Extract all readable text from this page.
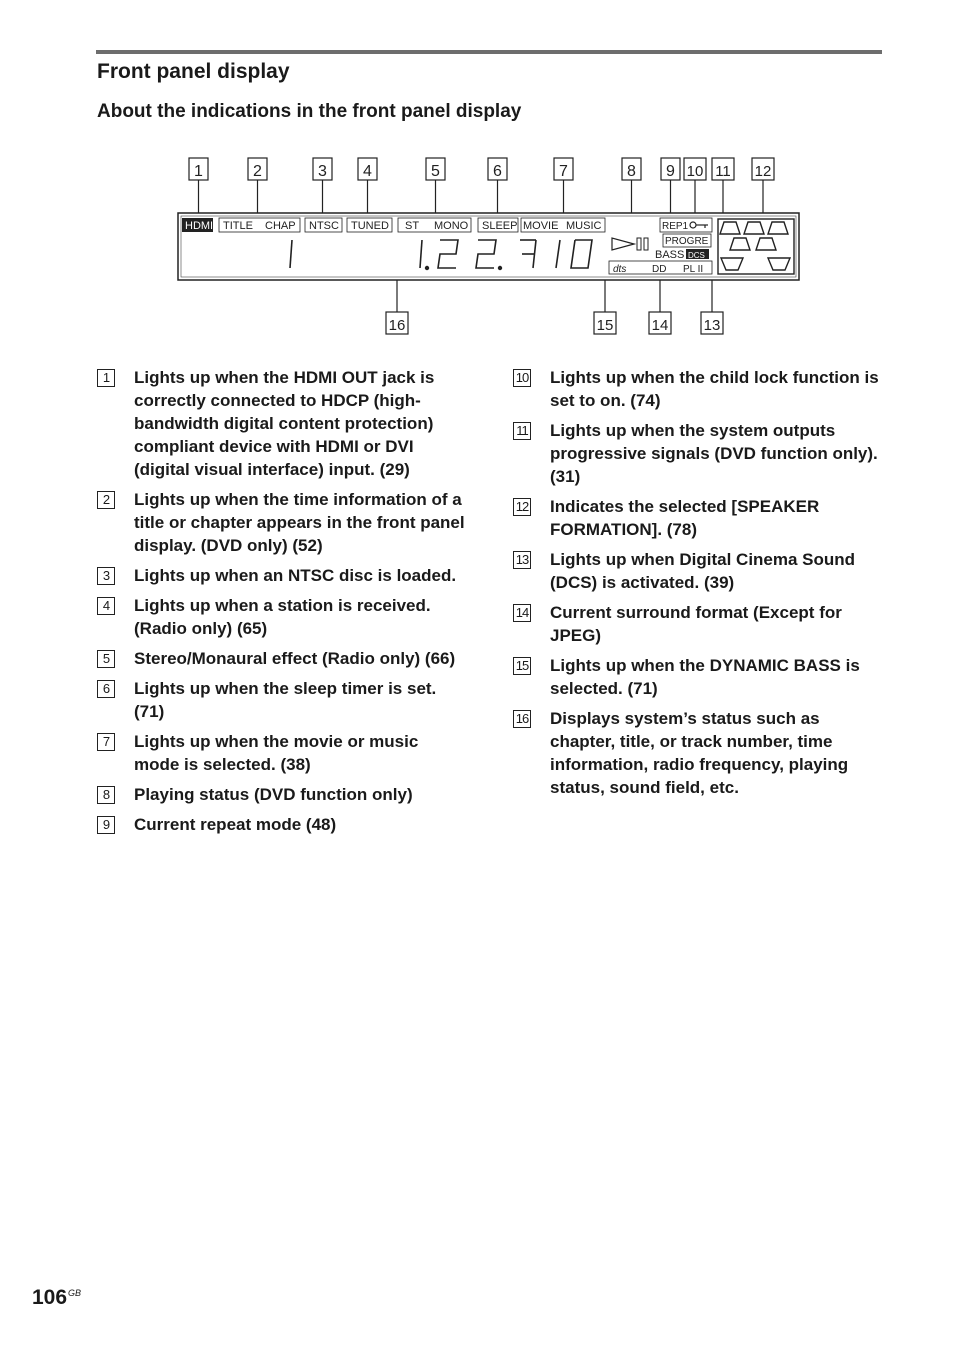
Front panel display
About the indications in the front panel display
1	2	3 4	5	6	7	8 9 10 11 12
HDMI TITLE CHAP NTSC TUNED ST MONO SLEEP MOVIE MUSIC	REP1
PROGRE
BASS DCS
dts	DD PL II
16	15	14 13
1	Lights up when the HDMI OUT jack is correctly connected to HDCP (high-bandwidth digital content protection) compliant device with HDMI or DVI (digital visual interface) input. (29)
2	Lights up when the time information of a title or chapter appears in the front panel display. (DVD only) (52)
3	Lights up when an NTSC disc is loaded.
4	Lights up when a station is received. (Radio only) (65)
5	Stereo/Monaural effect (Radio only) (66)
6	Lights up when the sleep timer is set. (71)
7	Lights up when the movie or music mode is selected. (38)
8	Playing status (DVD function only)
9	Current repeat mode (48)
10 Lights up when the child lock function is set to on. (74)
11 Lights up when the system outputs progressive signals (DVD function only). (31)
12 Indicates the selected [SPEAKER FORMATION]. (78)
13 Lights up when Digital Cinema Sound (DCS) is activated. (39)
14 Current surround format (Except for JPEG)
15 Lights up when the DYNAMIC BASS is selected. (71)
16 Displays system’s status such as chapter, title, or track number, time information, radio frequency, playing status, sound field, etc.
106 GB
